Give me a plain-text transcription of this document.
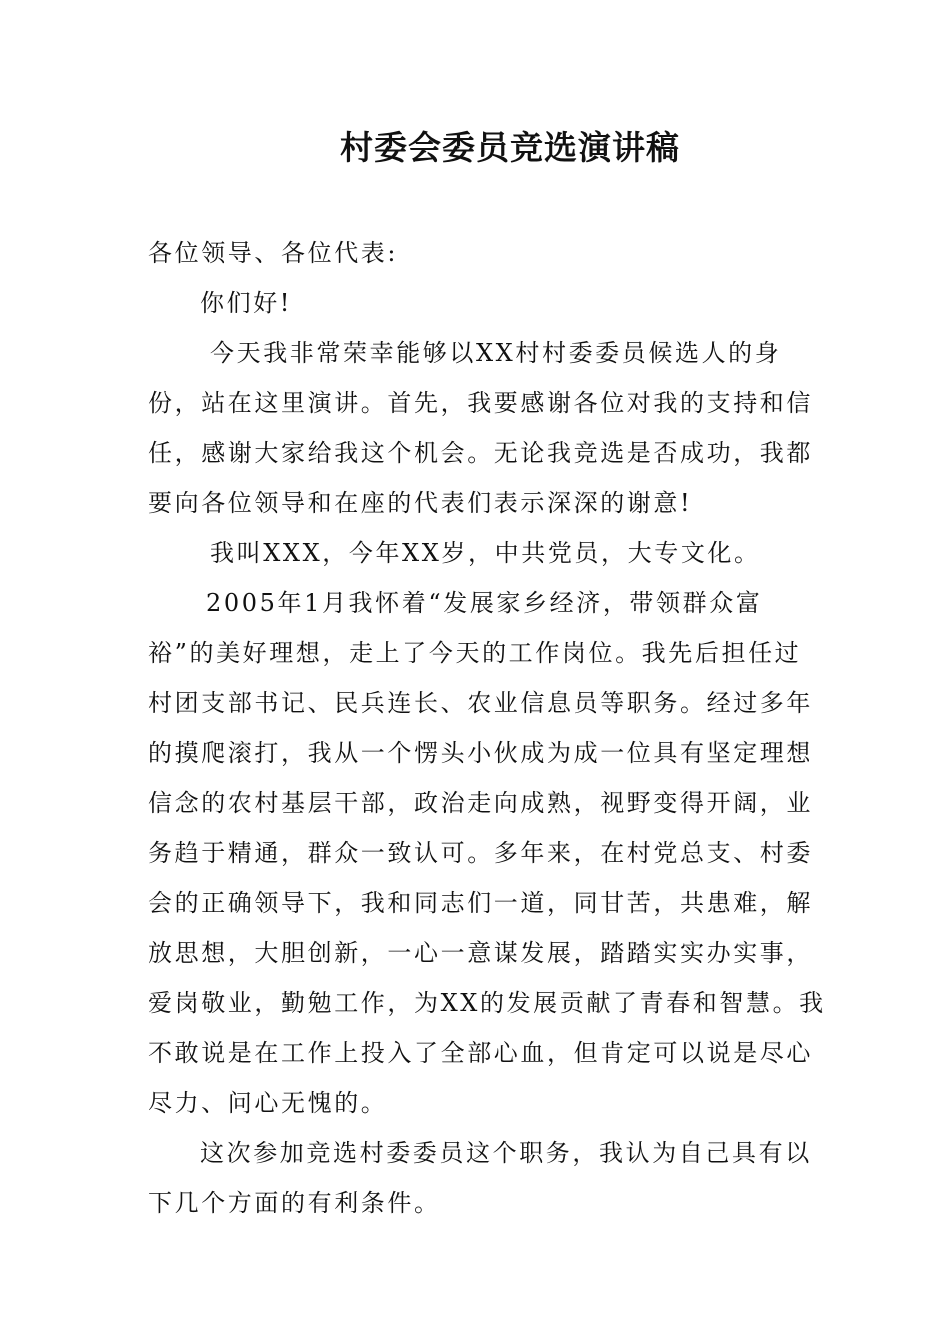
村委会委员竞选演讲稿
各位领导、各位代表:
你们好!
今天我非常荣幸能够以XX村村委委员候选人的身
份，站在这里演讲。首先，我要感谢各位对我的支持和信
任，感谢大家给我这个机会。无论我竞选是否成功，我都
要向各位领导和在座的代表们表示深深的谢意!
我叫XXX，今年XX岁，中共党员，大专文化。
2005年1月我怀着“发展家乡经济，带领群众富
裕”的美好理想，走上了今天的工作岗位。我先后担任过
村团支部书记、民兵连长、农业信息员等职务。经过多年
的摸爬滚打，我从一个愣头小伙成为成一位具有坚定理想
信念的农村基层干部，政治走向成熟，视野变得开阔，业
务趋于精通，群众一致认可。多年来，在村党总支、村委
会的正确领导下，我和同志们一道，同甘苦，共患难，解
放思想，大胆创新，一心一意谋发展，踏踏实实办实事，
爱岗敬业，勤勉工作，为XX的发展贡献了青春和智慧。我
不敢说是在工作上投入了全部心血，但肯定可以说是尽心
尽力、问心无愧的。
这次参加竞选村委委员这个职务，我认为自己具有以
下几个方面的有利条件。
